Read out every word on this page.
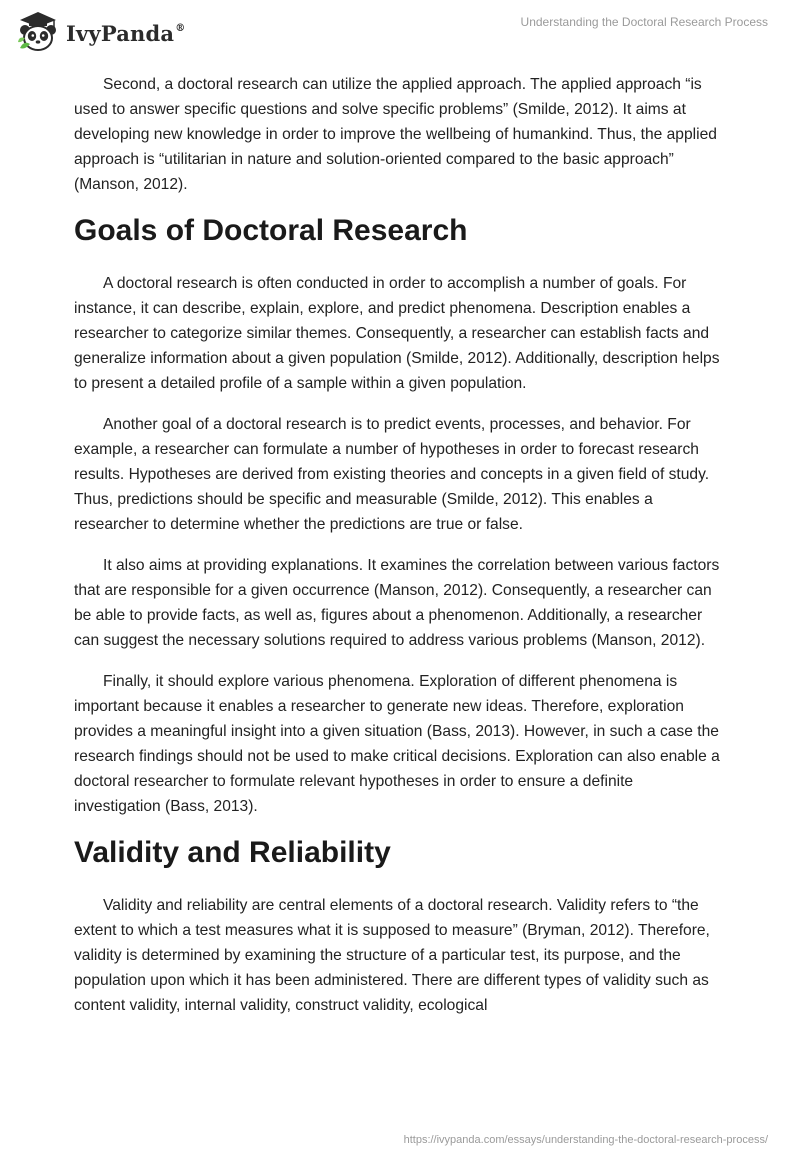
IvyPanda®	Understanding the Doctoral Research Process

Second, a doctoral research can utilize the applied approach. The applied approach “is used to answer specific questions and solve specific problems” (Smilde, 2012). It aims at developing new knowledge in order to improve the wellbeing of humankind. Thus, the applied approach is “utilitarian in nature and solution-oriented compared to the basic approach” (Manson, 2012).

Goals of Doctoral Research

A doctoral research is often conducted in order to accomplish a number of goals. For instance, it can describe, explain, explore, and predict phenomena. Description enables a researcher to categorize similar themes. Consequently, a researcher can establish facts and generalize information about a given population (Smilde, 2012). Additionally, description helps to present a detailed profile of a sample within a given population.

Another goal of a doctoral research is to predict events, processes, and behavior. For example, a researcher can formulate a number of hypotheses in order to forecast research results. Hypotheses are derived from existing theories and concepts in a given field of study. Thus, predictions should be specific and measurable (Smilde, 2012). This enables a researcher to determine whether the predictions are true or false.

It also aims at providing explanations. It examines the correlation between various factors that are responsible for a given occurrence (Manson, 2012). Consequently, a researcher can be able to provide facts, as well as, figures about a phenomenon. Additionally, a researcher can suggest the necessary solutions required to address various problems (Manson, 2012).

Finally, it should explore various phenomena. Exploration of different phenomena is important because it enables a researcher to generate new ideas. Therefore, exploration provides a meaningful insight into a given situation (Bass, 2013). However, in such a case the research findings should not be used to make critical decisions. Exploration can also enable a doctoral researcher to formulate relevant hypotheses in order to ensure a definite investigation (Bass, 2013).

Validity and Reliability

Validity and reliability are central elements of a doctoral research. Validity refers to “the extent to which a test measures what it is supposed to measure” (Bryman, 2012). Therefore, validity is determined by examining the structure of a particular test, its purpose, and the population upon which it has been administered. There are different types of validity such as content validity, internal validity, construct validity, ecological

https://ivypanda.com/essays/understanding-the-doctoral-research-process/
